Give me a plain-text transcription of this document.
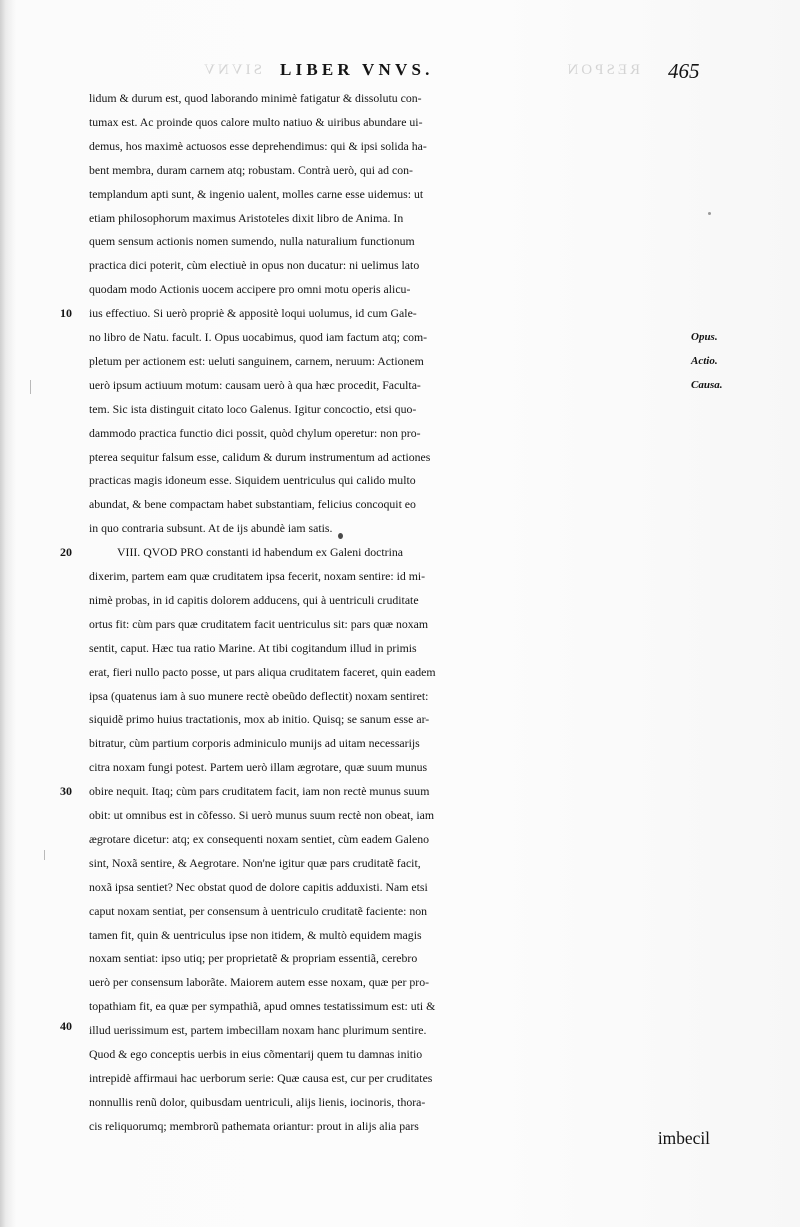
SIVNV	RESPON
LIBER VNVS.	465
lidum & durum est, quod laborando minimè fatigatur & dissolutu con-
tumax est. Ac proinde quos calore multo natiuo & uiribus abundare ui-
demus, hos maximè actuosos esse deprehendimus: qui & ipsi solida ha-
bent membra, duram carnem atq; robustam. Contrà uerò, qui ad con-
templandum apti sunt, & ingenio ualent, molles carne esse uidemus: ut
etiam philosophorum maximus Aristoteles dixit libro de Anima. In
quem sensum actionis nomen sumendo, nulla naturalium functionum
practica dici poterit, cùm electiuè in opus non ducatur: ni uelimus lato
quodam modo Actionis uocem accipere pro omni motu operis alicu-
ius effectiuo. Si uerò propriè & appositè loqui uolumus, id cum Gale-
no libro de Natu. facult. I. Opus uocabimus, quod iam factum atq; com-
pletum per actionem est: ueluti sanguinem, carnem, neruum: Actionem
uerò ipsum actiuum motum: causam uerò à qua hæc procedit, Faculta-
tem. Sic ista distinguit citato loco Galenus. Igitur concoctio, etsi quo-
dammodo practica functio dici possit, quòd chylum operetur: non pro-
pterea sequitur falsum esse, calidum & durum instrumentum ad actiones
practicas magis idoneum esse. Siquidem uentriculus qui calido multo
abundat, & bene compactam habet substantiam, felicius concoquit eo
in quo contraria subsunt. At de ijs abundè iam satis.
VIII. QVOD PRO constanti id habendum ex Galeni doctrina
dixerim, partem eam quæ cruditatem ipsa fecerit, noxam sentire: id mi-
nimè probas, in id capitis dolorem adducens, qui à uentriculi cruditate
ortus fit: cùm pars quæ cruditatem facit uentriculus sit: pars quæ noxam
sentit, caput. Hæc tua ratio Marine. At tibi cogitandum illud in primis
erat, fieri nullo pacto posse, ut pars aliqua cruditatem faceret, quin eadem
ipsa (quatenus iam à suo munere rectè obeũdo deflectit) noxam sentiret:
siquidẽ primo huius tractationis, mox ab initio. Quisq; se sanum esse ar-
bitratur, cùm partium corporis adminiculo munijs ad uitam necessarijs
citra noxam fungi potest. Partem uerò illam ægrotare, quæ suum munus
obire nequit. Itaq; cùm pars cruditatem facit, iam non rectè munus suum
obit: ut omnibus est in cõfesso. Si uerò munus suum rectè non obeat, iam
ægrotare dicetur: atq; ex consequenti noxam sentiet, cùm eadem Galeno
sint, Noxã sentire, & Aegrotare. Non'ne igitur quæ pars cruditatẽ facit,
noxã ipsa sentiet? Nec obstat quod de dolore capitis adduxisti. Nam etsi
caput noxam sentiat, per consensum à uentriculo cruditatẽ faciente: non
tamen fit, quin & uentriculus ipse non itidem, & multò equidem magis
noxam sentiat: ipso utiq; per proprietatẽ & propriam essentiã, cerebro
uerò per consensum laborãte. Maiorem autem esse noxam, quæ per pro-
topathiam fit, ea quæ per sympathiã, apud omnes testatissimum est: uti &
illud uerissimum est, partem imbecillam noxam hanc plurimum sentire.
Quod & ego conceptis uerbis in eius cõmentarij quem tu damnas initio
intrepidè affirmaui hac uerborum serie: Quæ causa est, cur per cruditates
nonnullis renũ dolor, quibusdam uentriculi, alijs lienis, iocinoris, thora-
cis reliquorumq; membrorũ pathemata oriantur: prout in alijs alia pars
10
20
30
40
Opus.
Actio.
Causa.
imbecil
